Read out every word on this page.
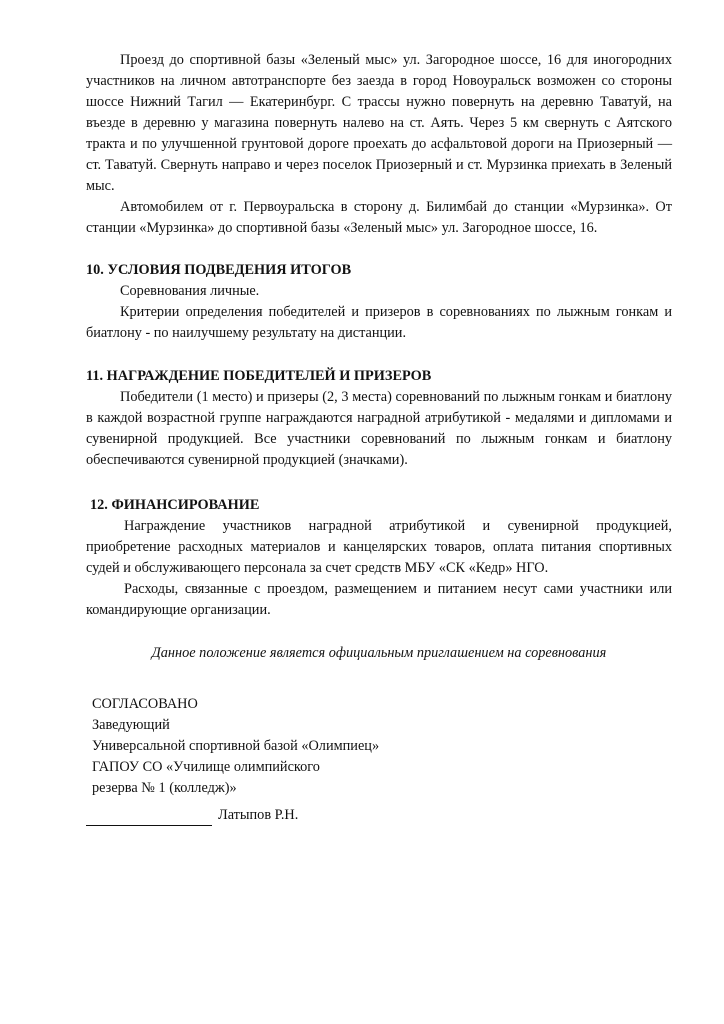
Проезд до спортивной базы «Зеленый мыс» ул. Загородное шоссе, 16 для иногородних участников на личном автотранспорте без заезда в город Новоуральск возможен со стороны шоссе Нижний Тагил — Екатеринбург. С трассы нужно повернуть на деревню Таватуй, на въезде в деревню у магазина повернуть налево на ст. Аять. Через 5 км свернуть с Аятского тракта и по улучшенной грунтовой дороге проехать до асфальтовой дороги на Приозерный — ст. Таватуй. Свернуть направо и через поселок Приозерный и ст. Мурзинка приехать в Зеленый мыс.

Автомобилем от г. Первоуральска в сторону д. Билимбай до станции «Мурзинка». От станции «Мурзинка» до спортивной базы «Зеленый мыс» ул. Загородное шоссе, 16.

10. УСЛОВИЯ ПОДВЕДЕНИЯ ИТОГОВ

Соревнования личные.

Критерии определения победителей и призеров в соревнованиях по лыжным гонкам и биатлону - по наилучшему результату на дистанции.

11. НАГРАЖДЕНИЕ ПОБЕДИТЕЛЕЙ И ПРИЗЕРОВ

Победители (1 место) и призеры (2, 3 места) соревнований по лыжным гонкам и биатлону в каждой возрастной группе награждаются наградной атрибутикой - медалями и дипломами и сувенирной продукцией. Все участники соревнований по лыжным гонкам и биатлону обеспечиваются сувенирной продукцией (значками).

12. ФИНАНСИРОВАНИЕ

Награждение участников наградной атрибутикой и сувенирной продукцией, приобретение расходных материалов и канцелярских товаров, оплата питания спортивных судей и обслуживающего персонала за счет средств МБУ «СК «Кедр» НГО.

Расходы, связанные с проездом, размещением и питанием несут сами участники или командирующие организации.

Данное положение является официальным приглашением на соревнования

СОГЛАСОВАНО
Заведующий
Универсальной спортивной базой «Олимпиец»
ГАПОУ СО «Училище олимпийского
резерва № 1 (колледж)»
Латыпов Р.Н.
